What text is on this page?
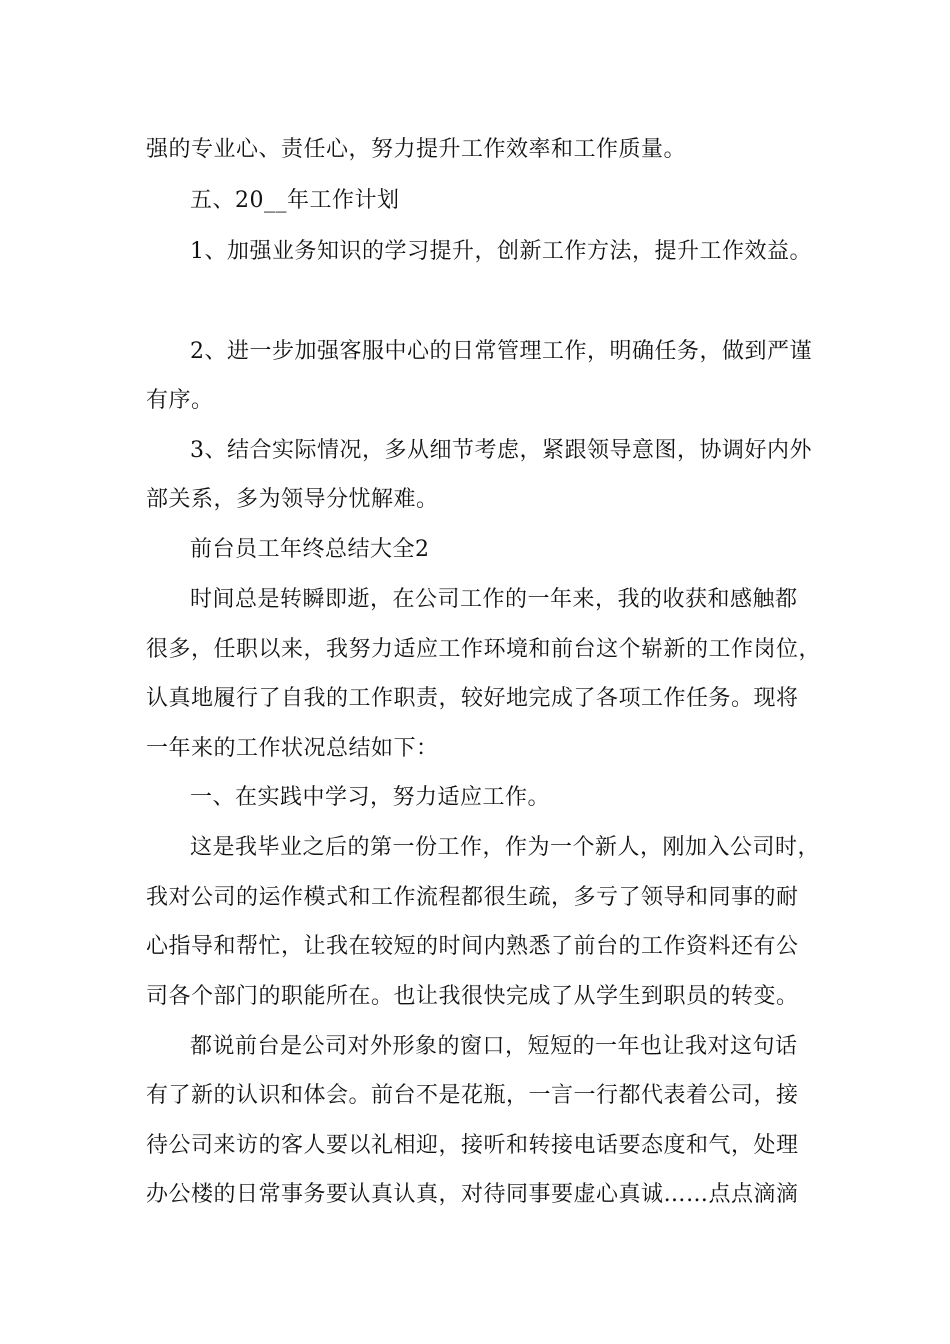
强的专业心、责任心，努力提升工作效率和工作质量。
五、20__年工作计划
1、加强业务知识的学习提升，创新工作方法，提升工作效益。
2、进一步加强客服中心的日常管理工作，明确任务，做到严谨
有序。
3、结合实际情况，多从细节考虑，紧跟领导意图，协调好内外
部关系，多为领导分忧解难。
前台员工年终总结大全2
时间总是转瞬即逝，在公司工作的一年来，我的收获和感触都
很多，任职以来，我努力适应工作环境和前台这个崭新的工作岗位，
认真地履行了自我的工作职责，较好地完成了各项工作任务。现将
一年来的工作状况总结如下：
一、在实践中学习，努力适应工作。
这是我毕业之后的第一份工作，作为一个新人，刚加入公司时，
我对公司的运作模式和工作流程都很生疏，多亏了领导和同事的耐
心指导和帮忙，让我在较短的时间内熟悉了前台的工作资料还有公
司各个部门的职能所在。也让我很快完成了从学生到职员的转变。
都说前台是公司对外形象的窗口，短短的一年也让我对这句话
有了新的认识和体会。前台不是花瓶，一言一行都代表着公司，接
待公司来访的客人要以礼相迎，接听和转接电话要态度和气，处理
办公楼的日常事务要认真认真，对待同事要虚心真诚……点点滴滴
